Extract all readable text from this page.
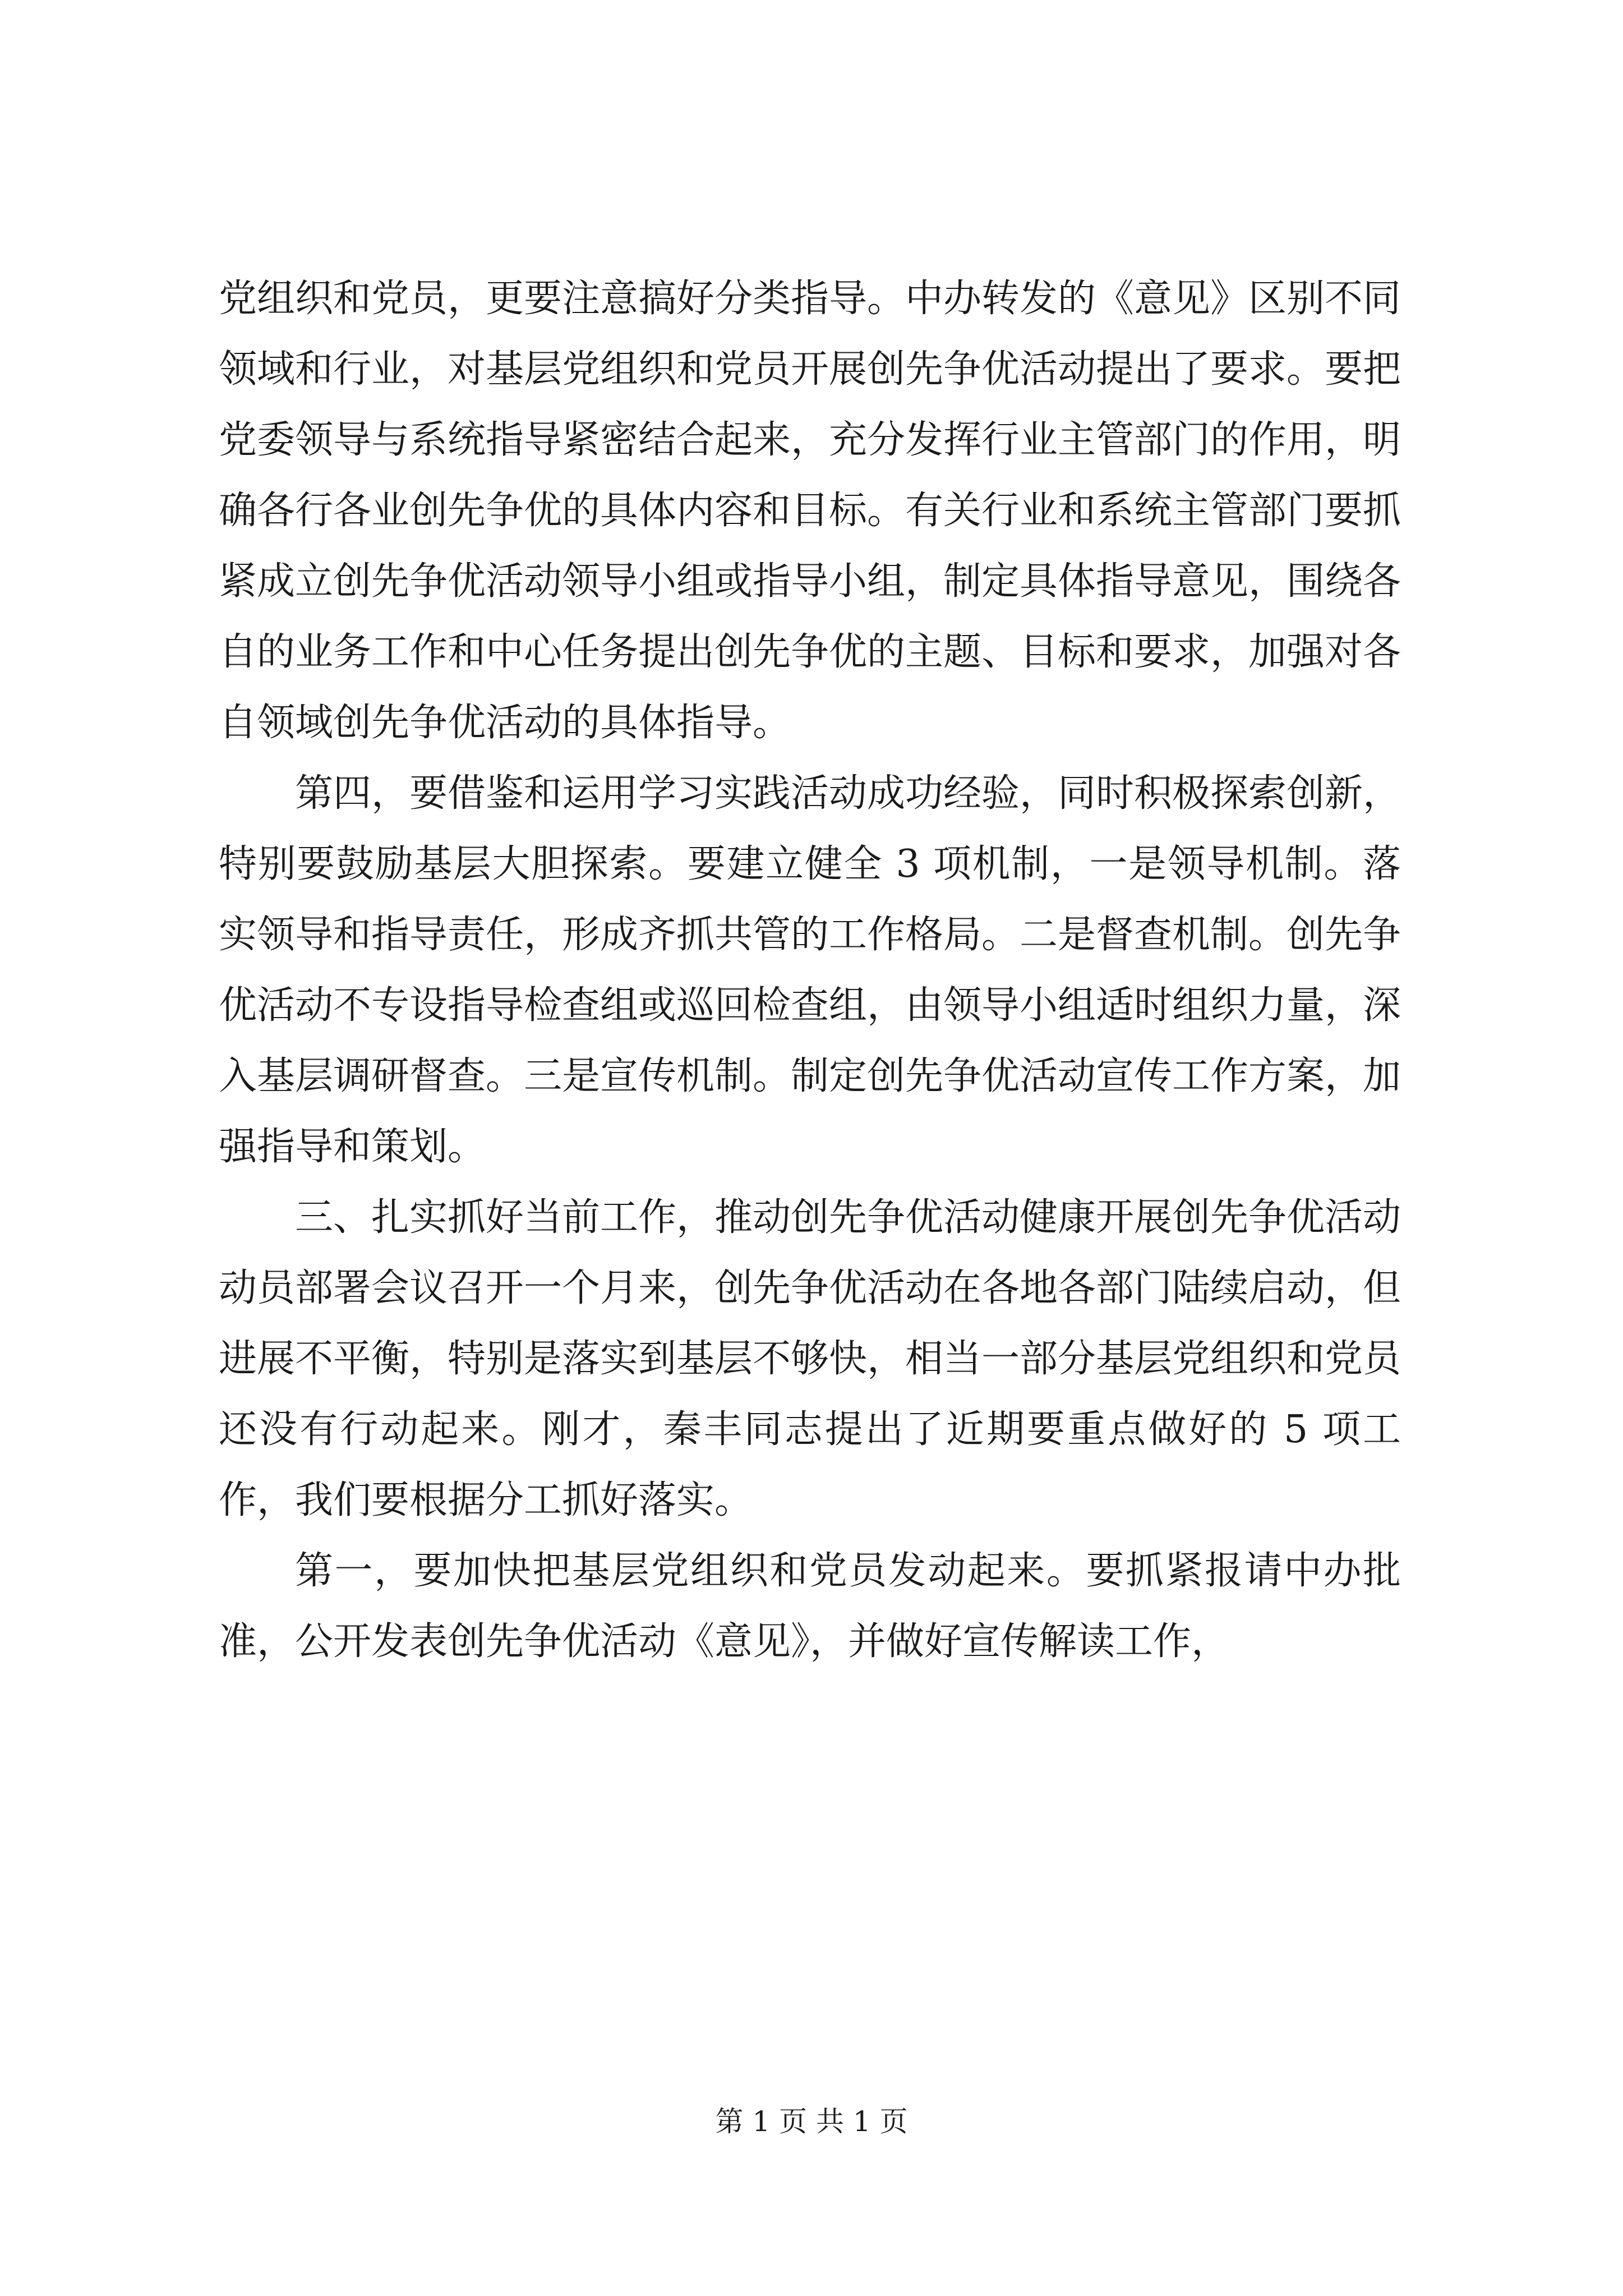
党组织和党员，更要注意搞好分类指导。中办转发的《意见》区别不同领域和行业，对基层党组织和党员开展创先争优活动提出了要求。要把党委领导与系统指导紧密结合起来，充分发挥行业主管部门的作用，明确各行各业创先争优的具体内容和目标。有关行业和系统主管部门要抓紧成立创先争优活动领导小组或指导小组，制定具体指导意见，围绕各自的业务工作和中心任务提出创先争优的主题、目标和要求，加强对各自领域创先争优活动的具体指导。

第四，要借鉴和运用学习实践活动成功经验，同时积极探索创新，特别要鼓励基层大胆探索。要建立健全 3 项机制，一是领导机制。落实领导和指导责任，形成齐抓共管的工作格局。二是督查机制。创先争优活动不专设指导检查组或巡回检查组，由领导小组适时组织力量，深入基层调研督查。三是宣传机制。制定创先争优活动宣传工作方案，加强指导和策划。

三、扎实抓好当前工作，推动创先争优活动健康开展创先争优活动动员部署会议召开一个月来，创先争优活动在各地各部门陆续启动，但进展不平衡，特别是落实到基层不够快，相当一部分基层党组织和党员还没有行动起来。刚才，秦丰同志提出了近期要重点做好的 5 项工作，我们要根据分工抓好落实。

第一，要加快把基层党组织和党员发动起来。要抓紧报请中办批准，公开发表创先争优活动《意见》，并做好宣传解读工作，

第 1 页 共 1 页
